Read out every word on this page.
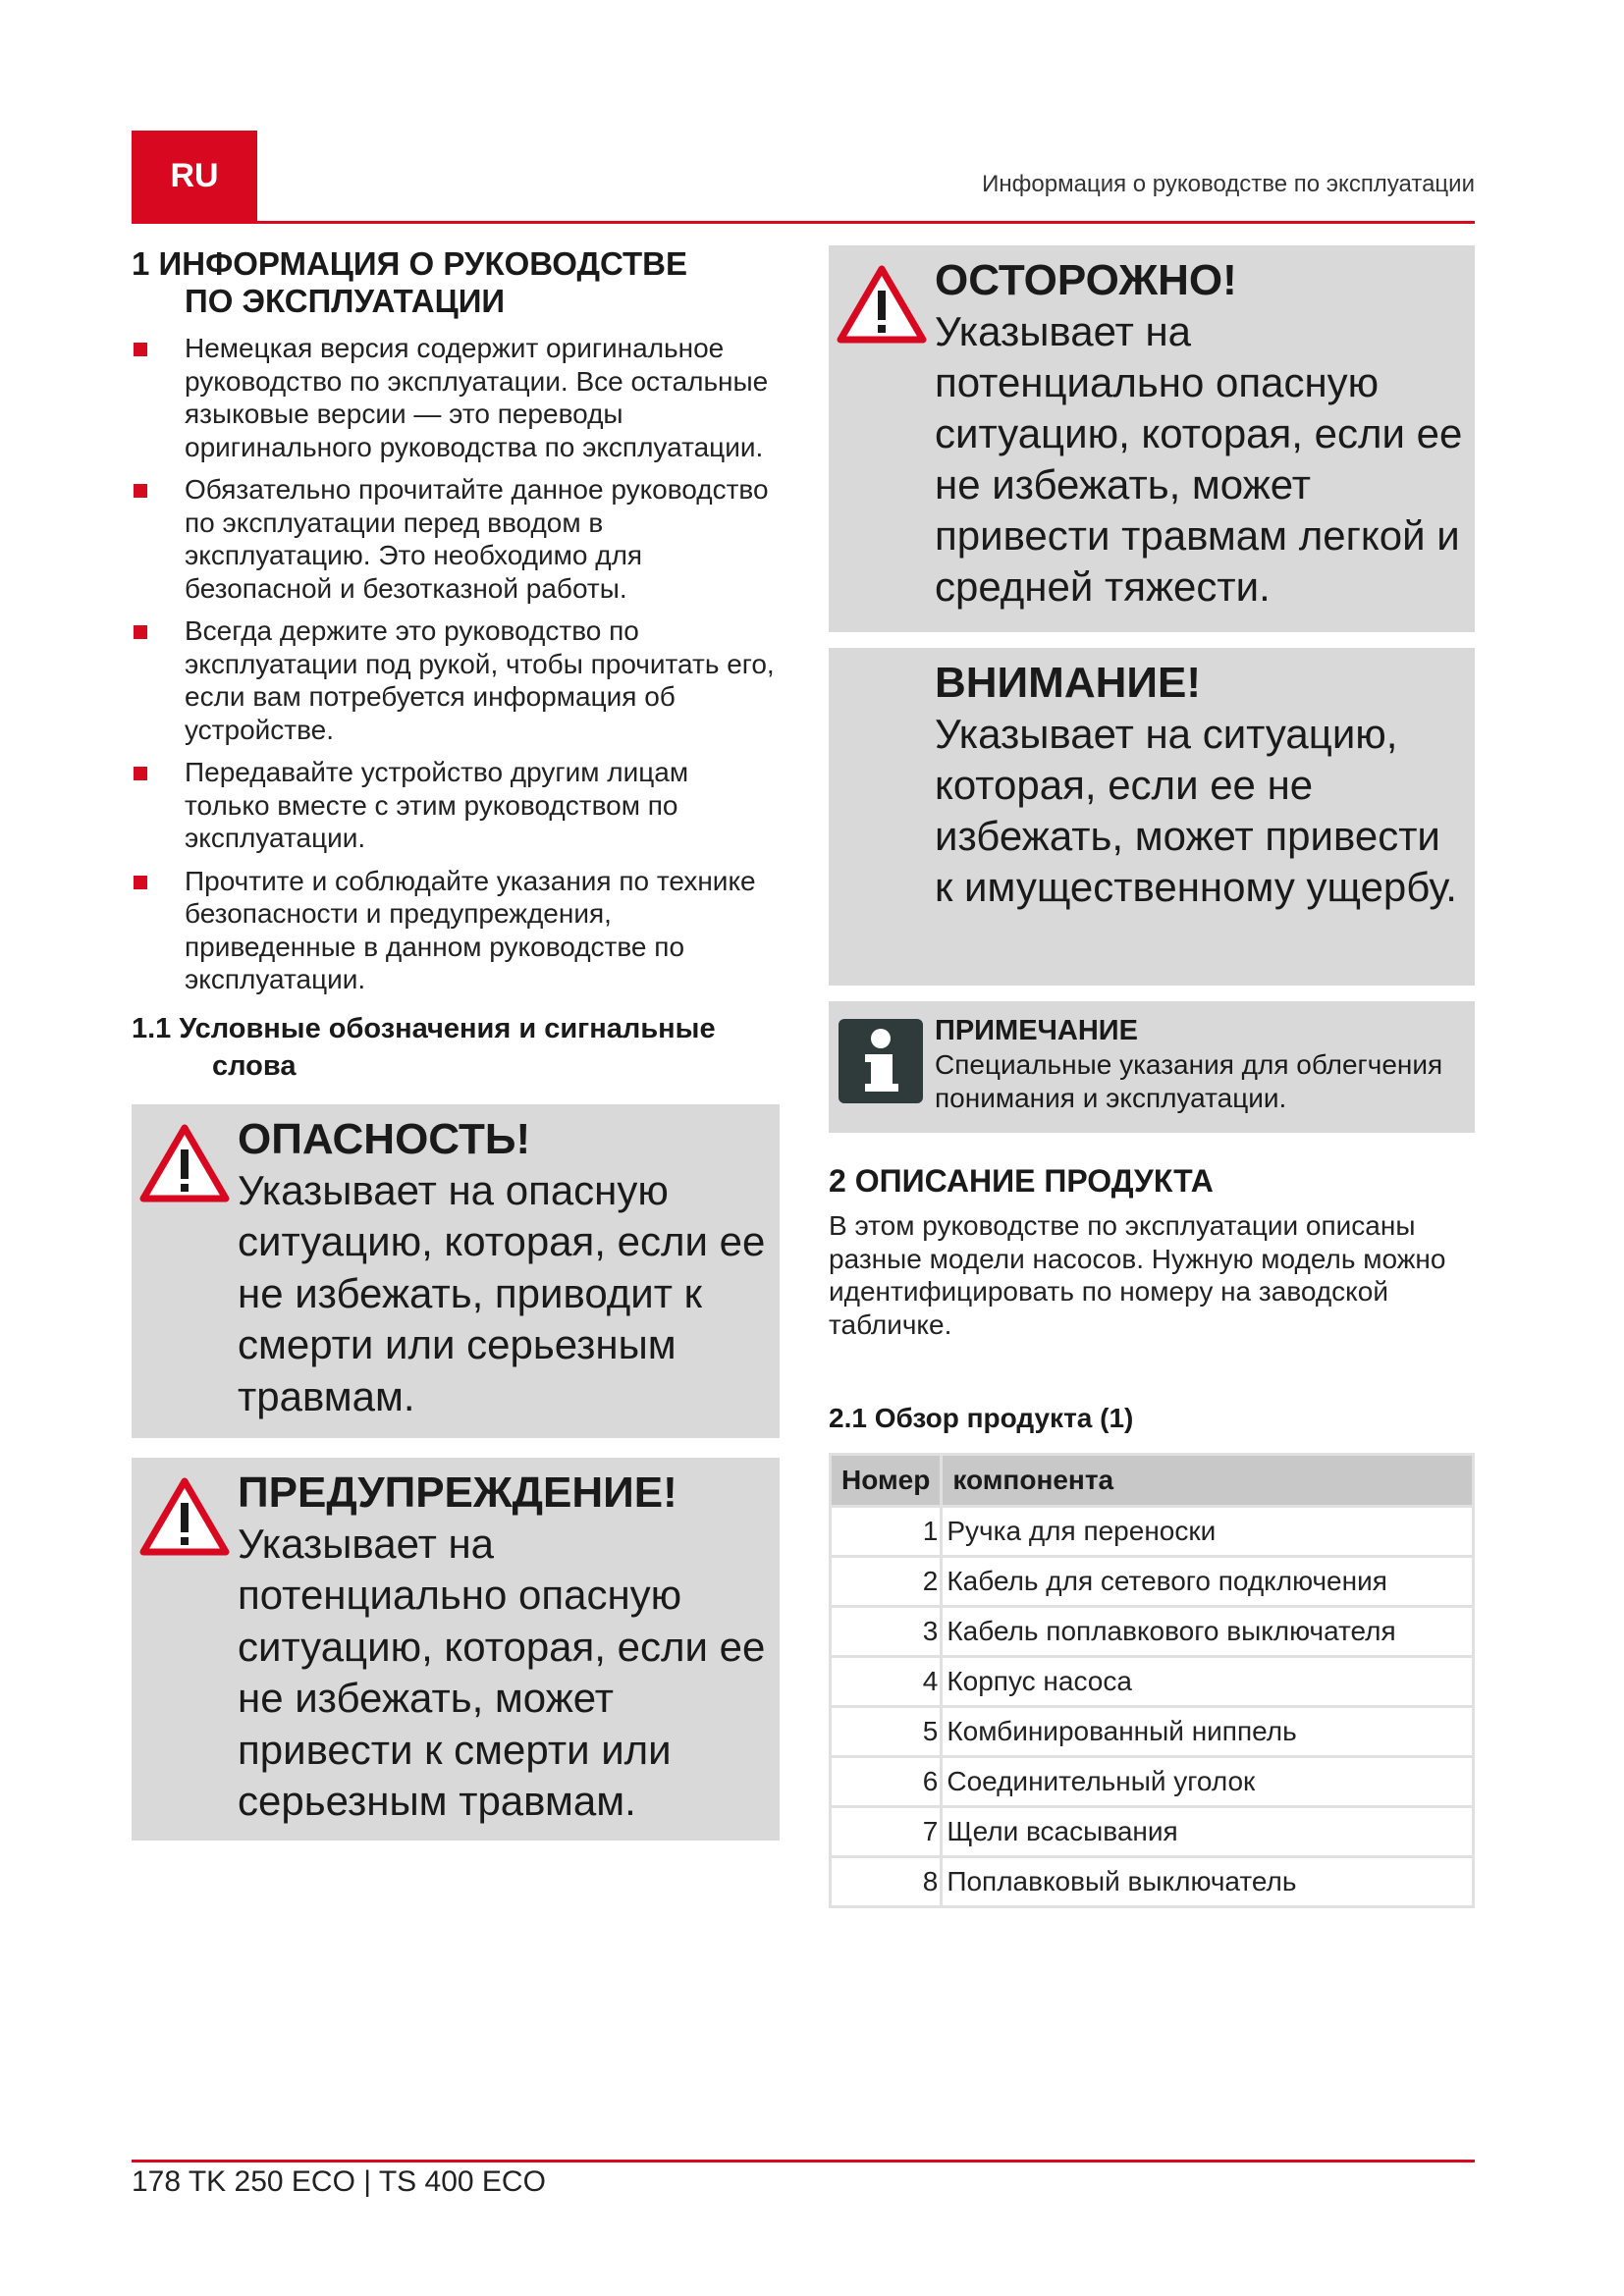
RU	Информация о руководстве по эксплуатации
1 ИНФОРМАЦИЯ О РУКОВОДСТВЕ
ПО ЭКСПЛУАТАЦИИ
Немецкая версия содержит оригинальное руководство по эксплуатации. Все остальные языковые версии — это переводы оригинального руководства по эксплуатации.
Обязательно прочитайте данное руководство по эксплуатации перед вводом в эксплуатацию. Это необходимо для безопасной и безотказной работы.
Всегда держите это руководство по эксплуатации под рукой, чтобы прочитать его, если вам потребуется информация об устройстве.
Передавайте устройство другим лицам только вместе с этим руководством по эксплуатации.
Прочтите и соблюдайте указания по технике безопасности и предупреждения, приведенные в данном руководстве по эксплуатации.
1.1 Условные обозначения и сигнальные
слова
ОПАСНОСТЬ!
Указывает на опасную ситуацию, которая, если ее не избежать, приводит к смерти или серьезным травмам.
ПРЕДУПРЕЖДЕНИЕ!
Указывает на потенциально опасную ситуацию, которая, если ее не избежать, может привести к смерти или серьезным травмам.
ОСТОРОЖНО!
Указывает на потенциально опасную ситуацию, которая, если ее не избежать, может привести травмам легкой и средней тяжести.
ВНИМАНИЕ!
Указывает на ситуацию, которая, если ее не избежать, может привести к имущественному ущербу.
ПРИМЕЧАНИЕ
Специальные указания для облегчения понимания и эксплуатации.
2 ОПИСАНИЕ ПРОДУКТА

В этом руководстве по эксплуатации описаны разные модели насосов. Нужную модель можно идентифицировать по номеру на заводской табличке.

2.1 Обзор продукта (1)
Номер	компонента
1	Ручка для переноски
2	Кабель для сетевого подключения
3	Кабель поплавкового выключателя
4	Корпус насоса
5	Комбинированный ниппель
6	Соединительный уголок
7	Щели всасывания
8	Поплавковый выключатель
178 TK 250 ECO | TS 400 ECO
